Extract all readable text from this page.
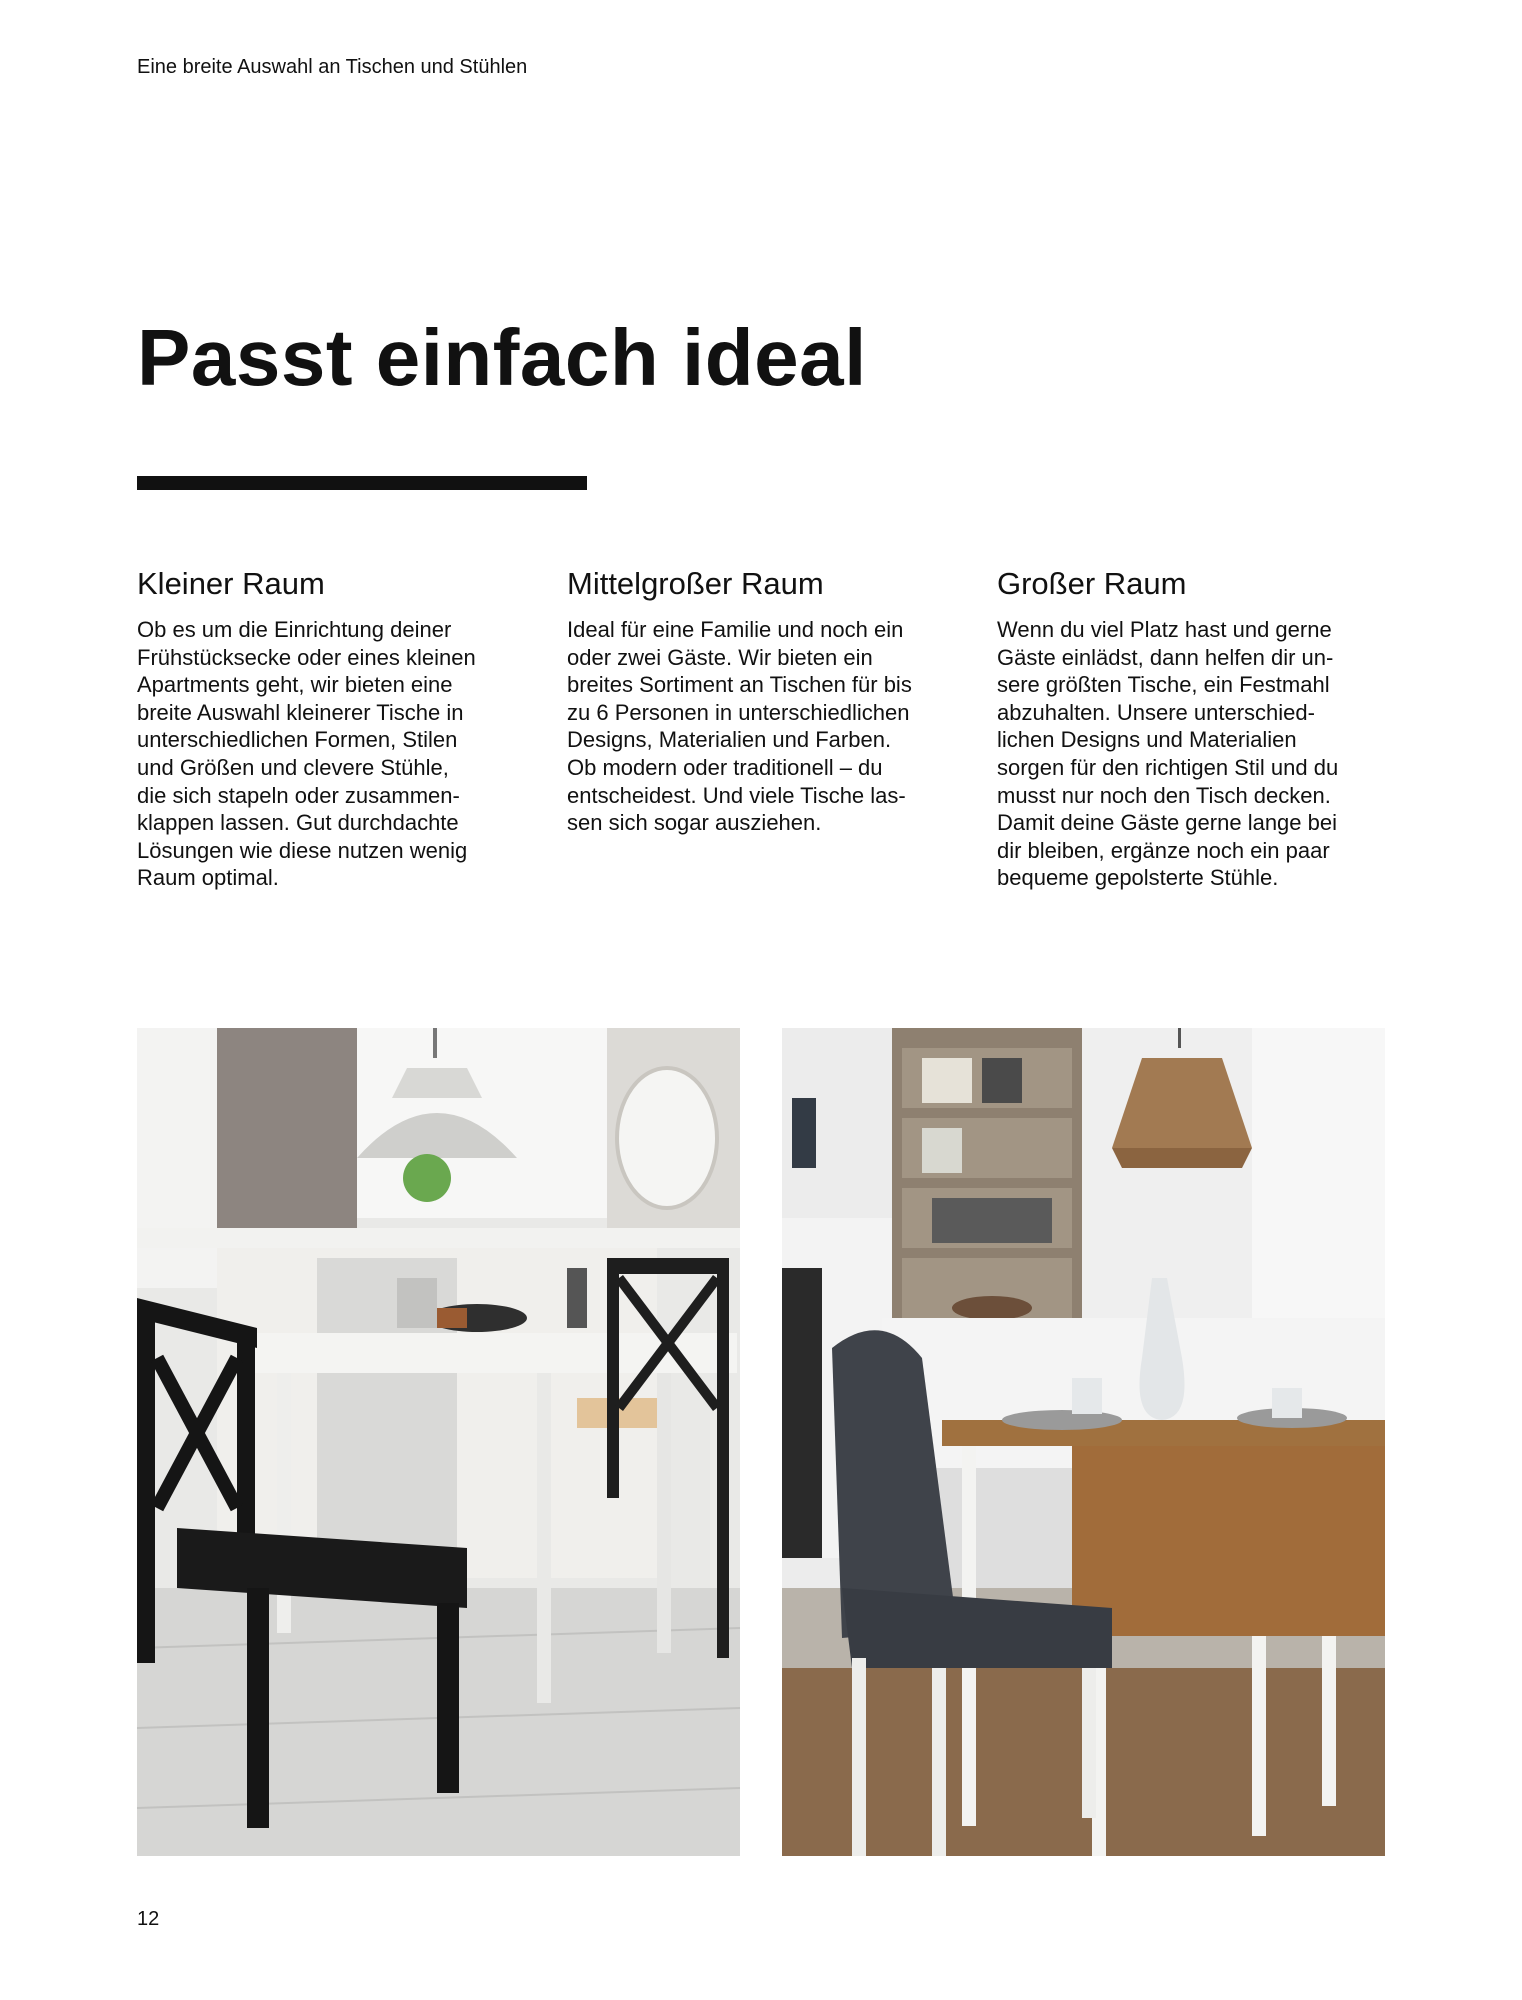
Eine breite Auswahl an Tischen und Stühlen
Passt einfach ideal
Kleiner Raum

Ob es um die Einrichtung deiner
Frühstücksecke oder eines kleinen
Apartments geht, wir bieten eine
breite Auswahl kleinerer Tische in
unterschiedlichen Formen, Stilen
und Größen und clevere Stühle,
die sich stapeln oder zusammen-
klappen lassen. Gut durchdachte
Lösungen wie diese nutzen wenig
Raum optimal.

Mittelgroßer Raum

Ideal für eine Familie und noch ein
oder zwei Gäste. Wir bieten ein
breites Sortiment an Tischen für bis
zu 6 Personen in unterschiedlichen
Designs, Materialien und Farben.
Ob modern oder traditionell – du
entscheidest. Und viele Tische las-
sen sich sogar ausziehen.

Großer Raum

Wenn du viel Platz hast und gerne
Gäste einlädst, dann helfen dir un-
sere größten Tische, ein Festmahl
abzuhalten. Unsere unterschied-
lichen Designs und Materialien
sorgen für den richtigen Stil und du
musst nur noch den Tisch decken.
Damit deine Gäste gerne lange bei
dir bleiben, ergänze noch ein paar
bequeme gepolsterte Stühle.

12
